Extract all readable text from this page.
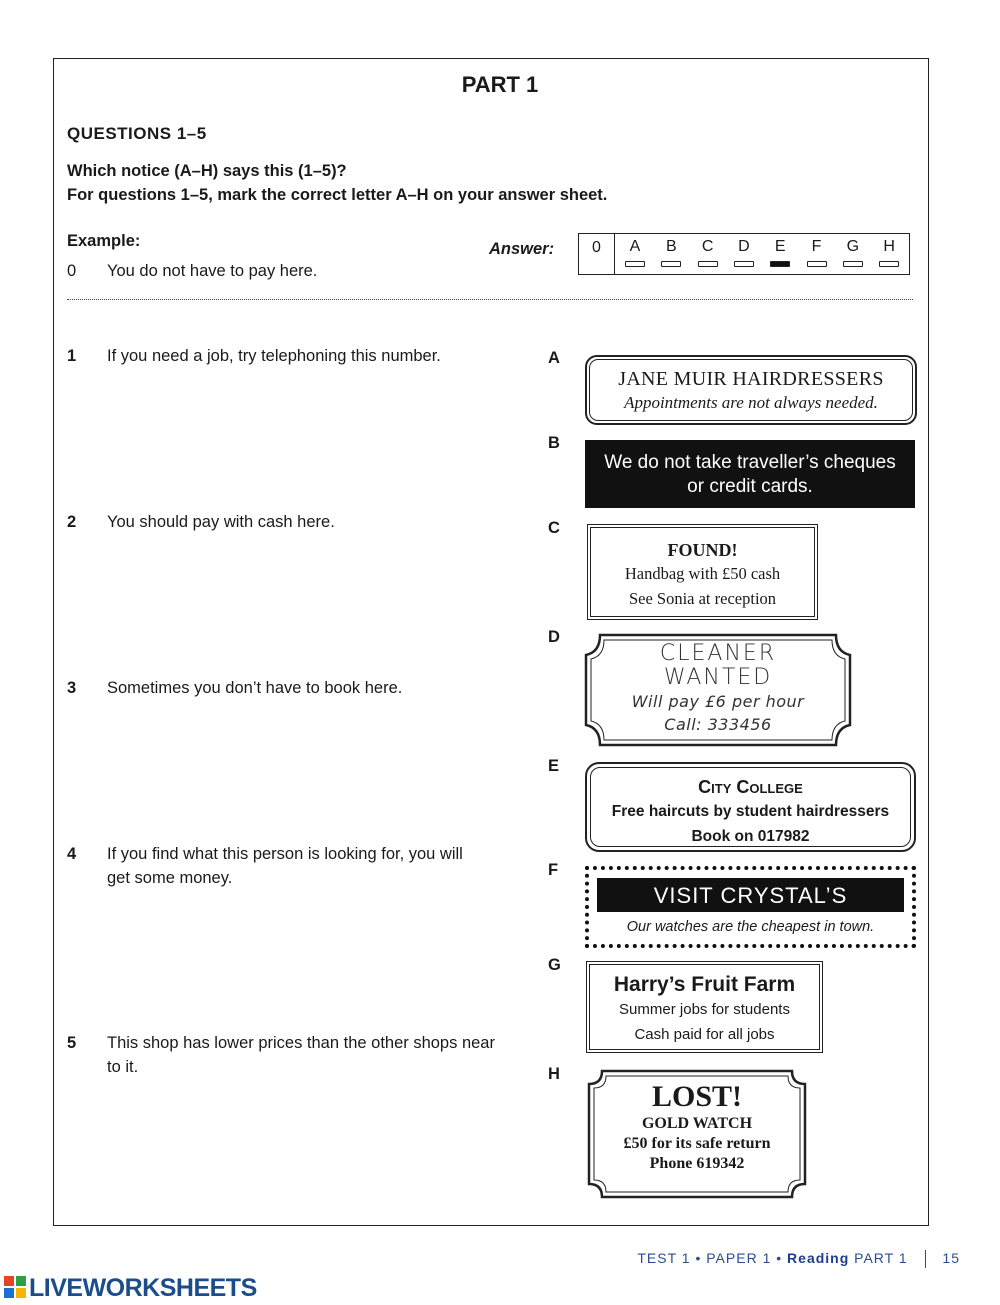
PART 1
QUESTIONS 1–5
Which notice (A–H) says this (1–5)?
For questions 1–5, mark the correct letter A–H on your answer sheet.
Example:
0 You do not have to pay here.
Answer:	0	A	B	C	D	E	F	G	H
1 If you need a job, try telephoning this number.
2 You should pay with cash here.
3 Sometimes you don’t have to book here.
4 If you find what this person is looking for, you will get some money.
5 This shop has lower prices than the other shops near to it.
A
B
C
D
E
F
G
H
JANE MUIR HAIRDRESSERS
Appointments are not always needed.
We do not take traveller’s cheques
or credit cards.
FOUND!
Handbag with £50 cash
See Sonia at reception
CLEANER
WANTED
Will pay £6 per hour
Call: 333456
City College
Free haircuts by student hairdressers
Book on 017982
VISIT CRYSTAL’S
Our watches are the cheapest in town.
Harry’s Fruit Farm
Summer jobs for students
Cash paid for all jobs
LOST!
GOLD WATCH
£50 for its safe return
Phone 619342
TEST 1 • PAPER 1 • Reading PART 1 15
LIVEWORKSHEETS
